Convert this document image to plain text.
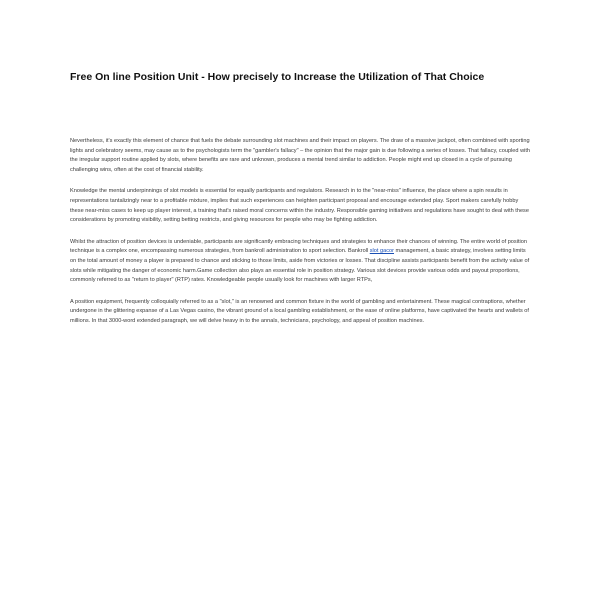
Free On line Position Unit - How precisely to Increase the Utilization of That Choice

Nevertheless, it's exactly this element of chance that fuels the debate surrounding slot machines and their impact on players. The draw of a massive jackpot, often combined with sporting lights and celebratory seems, may cause as to the psychologists term the "gambler's fallacy" – the opinion that the major gain is due following a series of losses. That fallacy, coupled with the irregular support routine applied by slots, where benefits are rare and unknown, produces a mental trend similar to addiction. People might end up closed in a cycle of pursuing challenging wins, often at the cost of financial stability.

Knowledge the mental underpinnings of slot models is essential for equally participants and regulators. Research in to the "near-miss" influence, the place where a spin results in representations tantalizingly near to a profitable mixture, implies that such experiences can heighten participant proposal and encourage extended play. Sport makers carefully hobby these near-miss cases to keep up player interest, a training that's raised moral concerns within the industry. Responsible gaming initiatives and regulations have sought to deal with these considerations by promoting visibility, setting betting restricts, and giving resources for people who may be fighting addiction.

Whilst the attraction of position devices is undeniable, participants are significantly embracing techniques and strategies to enhance their chances of winning. The entire world of position technique is a complex one, encompassing numerous strategies, from bankroll administration to sport selection. Bankroll slot gacor management, a basic strategy, involves setting limits on the total amount of money a player is prepared to chance and sticking to those limits, aside from victories or losses. That discipline assists participants benefit from the activity value of slots while mitigating the danger of economic harm.Game collection also plays an essential role in position strategy. Various slot devices provide various odds and payout proportions, commonly referred to as "return to player" (RTP) rates. Knowledgeable people usually look for machines with larger RTPs,

A position equipment, frequently colloquially referred to as a "slot," is an renowned and common fixture in the world of gambling and entertainment. These magical contraptions, whether undergone in the glittering expanse of a Las Vegas casino, the vibrant ground of a local gambling establishment, or the ease of online platforms, have captivated the hearts and wallets of millions. In that 3000-word extended paragraph, we will delve heavy in to the annals, technicians, psychology, and appeal of position machines.
